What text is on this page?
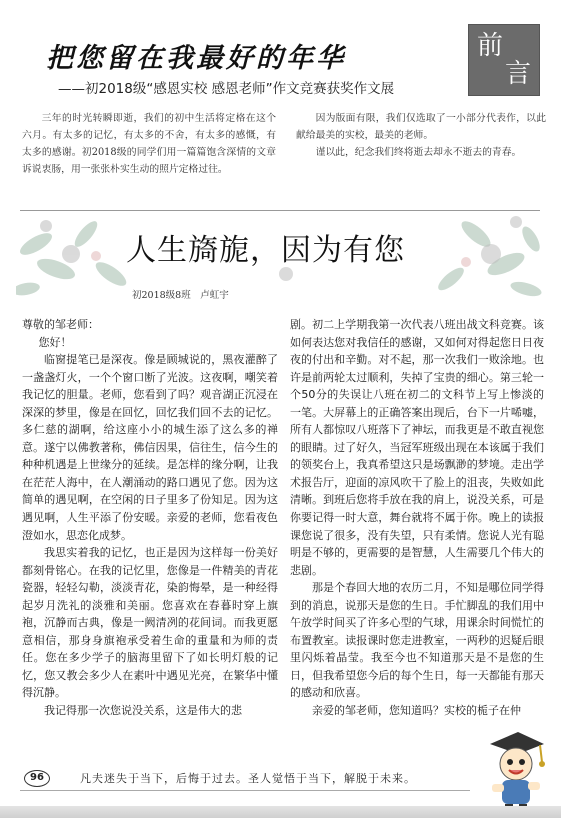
把您留在我最好的年华
——初2018级“感恩实校 感恩老师”作文竞赛获奖作文展
前
言

三年的时光转瞬即逝，我们的初中生活将定格在这个六月。有太多的记忆，有太多的不舍，有太多的感慨，有太多的感谢。初2018级的同学们用一篇篇饱含深情的文章诉说衷肠，用一张张朴实生动的照片定格过往。

因为版面有限，我们仅选取了一小部分代表作，以此献给最美的实校，最美的老师。

谨以此，纪念我们终将逝去却永不逝去的青春。

人生旖旎，因为有您
初2018级8班　卢虹宇

尊敬的邹老师：

您好！

临窗提笔已是深夜。像是顾城说的，黑夜灌醉了一盏盏灯火，一个个窗口断了光波。这夜啊，嘲笑着我记忆的胆量。老师，您看到了吗？观音湖正沉浸在深深的梦里，像是在回忆，回忆我们回不去的记忆。多仁慈的湖啊，给这座小小的城生添了这么多的禅意。遂宁以佛教著称，佛信因果，信往生，信今生的种种机遇是上世缘分的延续。是怎样的缘分啊，让我在茫茫人海中，在人潮涌动的路口遇见了您。因为这简单的遇见啊，在空闲的日子里多了份知足。因为这遇见啊，人生平添了份安暖。亲爱的老师，您看夜色澄如水，思恋化成梦。

我思实着我的记忆，也正是因为这样每一份美好都刻骨铭心。在我的记忆里，您像是一件精美的青花瓷器，轻轻勾勒，淡淡青花，染韵悔晕，是一种经得起岁月洗礼的淡雅和美丽。您喜欢在春暮时穿上旗袍，沉静而古典，像是一阙清冽的花间词。而我更愿意相信，那身身旗袍承受着生命的重量和为师的责任。您在多少学子的脑海里留下了如长明灯般的记忆，您又教会多少人在素叶中遇见光亮，在繁华中懂得沉静。

我记得那一次您说没关系，这是伟大的悲

剧。初二上学期我第一次代表八班出战文科竞赛。该如何表达您对我信任的感谢，又如何对得起您日日夜夜的付出和辛勤。对不起，那一次我们一败涂地。也许是前两轮太过顺利，失掉了宝贵的细心。第三轮一个50分的失误让八班在初二的文科节上写上惨淡的一笔。大屏幕上的正确答案出现后，台下一片唏嘘，所有人都惊叹八班落下了神坛，而我更是不敢直视您的眼睛。过了好久，当冠军班级出现在本该属于我们的领奖台上，我真希望这只是场飘渺的梦境。走出学术报告厅，迎面的凉风吹干了脸上的沮丧，失败如此清晰。到班后您将手放在我的肩上，说没关系，可是你要记得一时大意，舞台就将不属于你。晚上的读报课您说了很多，没有失望，只有柔情。您说人光有聪明是不够的，更需要的是智慧，人生需要几个伟大的悲剧。

那是个春回大地的农历二月，不知是哪位同学得到的消息，说那天是您的生日。手忙脚乱的我们用中午放学时间买了许多心型的气球，用课余时间慌忙的布置教室。读报课时您走进教室，一两秒的迟疑后眼里闪烁着晶莹。我至今也不知道那天是不是您的生日，但我希望您今后的每个生日，每一天都能有那天的感动和欣喜。

亲爱的邹老师，您知道吗？实校的栀子在仲

96	凡夫迷失于当下，后悔于过去。圣人觉悟于当下，解脱于未来。
